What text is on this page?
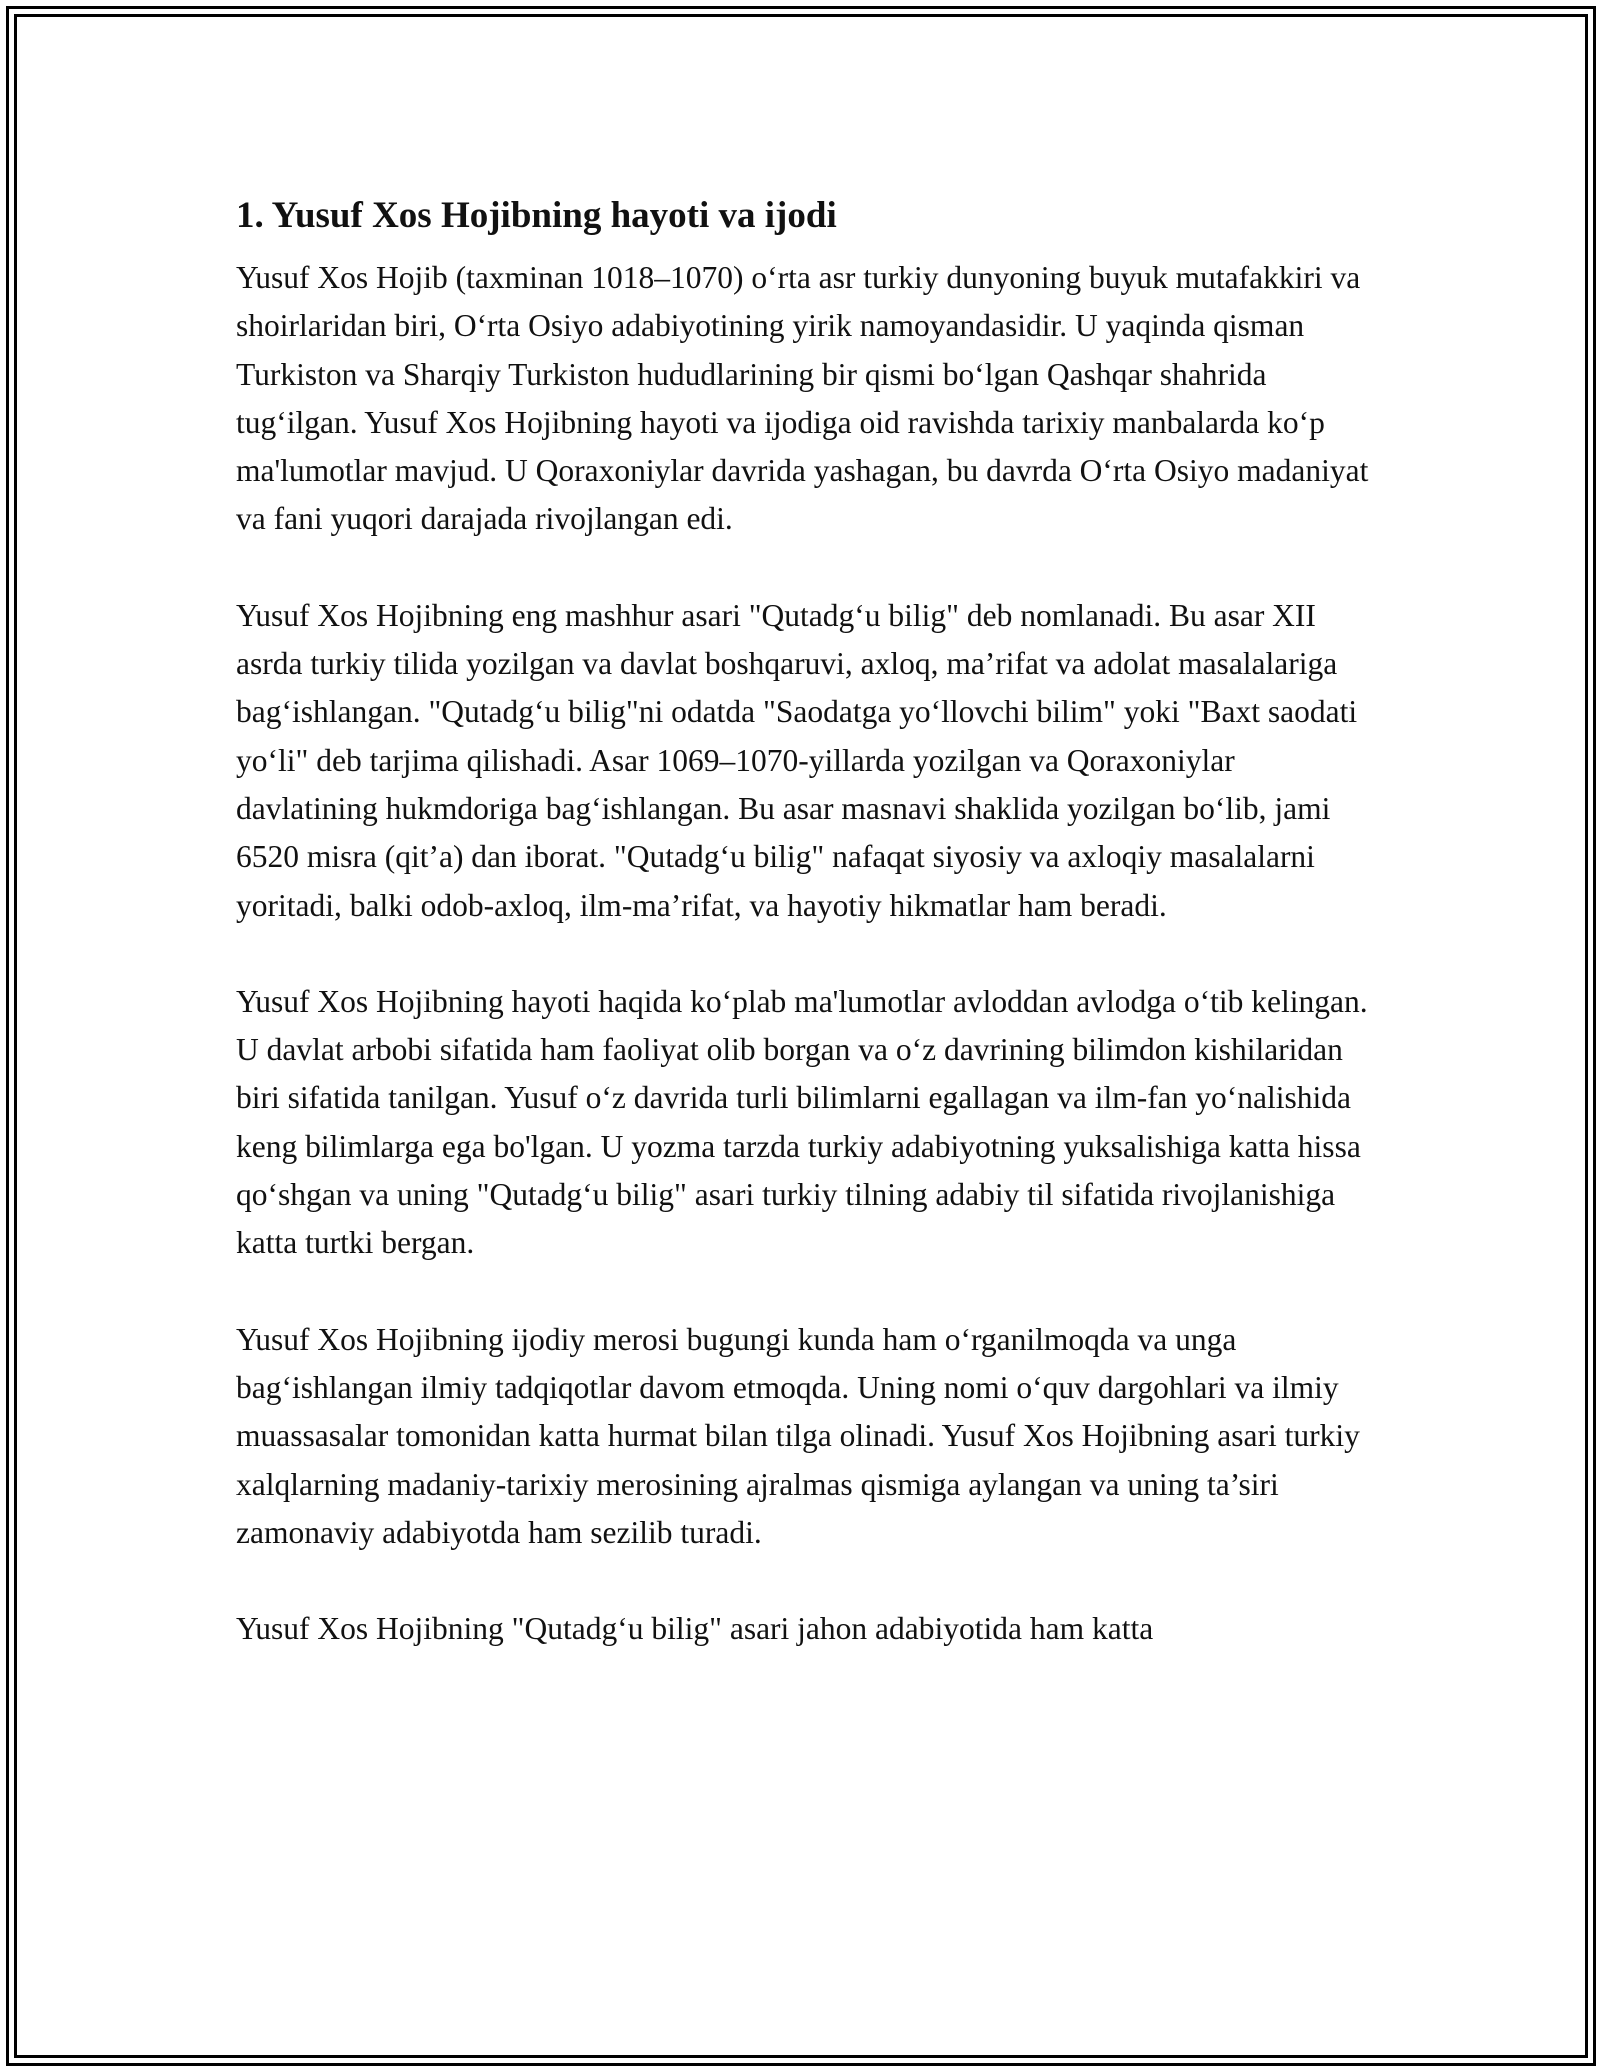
1. Yusuf Xos Hojibning hayoti va ijodi

Yusuf Xos Hojib (taxminan 1018–1070) o‘rta asr turkiy dunyoning buyuk mutafakkiri va shoirlaridan biri, O‘rta Osiyo adabiyotining yirik namoyandasidir. U yaqinda qisman Turkiston va Sharqiy Turkiston hududlarining bir qismi bo‘lgan Qashqar shahrida tug‘ilgan. Yusuf Xos Hojibning hayoti va ijodiga oid ravishda tarixiy manbalarda ko‘p ma'lumotlar mavjud. U Qoraxoniylar davrida yashagan, bu davrda O‘rta Osiyo madaniyat va fani yuqori darajada rivojlangan edi.

Yusuf Xos Hojibning eng mashhur asari "Qutadg‘u bilig" deb nomlanadi. Bu asar XII asrda turkiy tilida yozilgan va davlat boshqaruvi, axloq, ma’rifat va adolat masalalariga bag‘ishlangan. "Qutadg‘u bilig"ni odatda "Saodatga yo‘llovchi bilim" yoki "Baxt saodati yo‘li" deb tarjima qilishadi. Asar 1069–1070-yillarda yozilgan va Qoraxoniylar davlatining hukmdoriga bag‘ishlangan. Bu asar masnavi shaklida yozilgan bo‘lib, jami 6520 misra (qit’a) dan iborat. "Qutadg‘u bilig" nafaqat siyosiy va axloqiy masalalarni yoritadi, balki odob-axloq, ilm-ma’rifat, va hayotiy hikmatlar ham beradi.

Yusuf Xos Hojibning hayoti haqida ko‘plab ma'lumotlar avloddan avlodga o‘tib kelingan. U davlat arbobi sifatida ham faoliyat olib borgan va o‘z davrining bilimdon kishilaridan biri sifatida tanilgan. Yusuf o‘z davrida turli bilimlarni egallagan va ilm-fan yo‘nalishida keng bilimlarga ega bo'lgan. U yozma tarzda turkiy adabiyotning yuksalishiga katta hissa qo‘shgan va uning "Qutadg‘u bilig" asari turkiy tilning adabiy til sifatida rivojlanishiga katta turtki bergan.

Yusuf Xos Hojibning ijodiy merosi bugungi kunda ham o‘rganilmoqda va unga bag‘ishlangan ilmiy tadqiqotlar davom etmoqda. Uning nomi o‘quv dargohlari va ilmiy muassasalar tomonidan katta hurmat bilan tilga olinadi. Yusuf Xos Hojibning asari turkiy xalqlarning madaniy-tarixiy merosining ajralmas qismiga aylangan va uning ta’siri zamonaviy adabiyotda ham sezilib turadi.

Yusuf Xos Hojibning "Qutadg‘u bilig" asari jahon adabiyotida ham katta
